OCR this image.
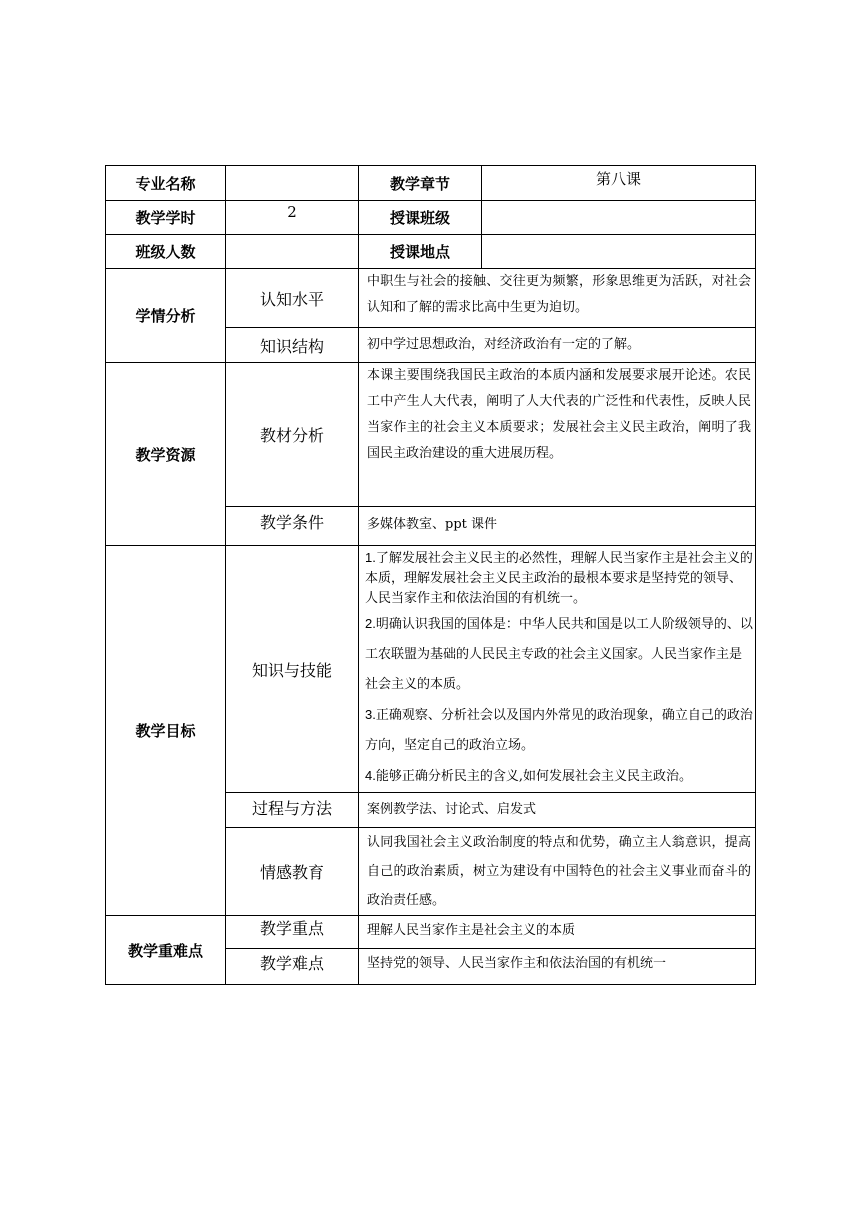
专业名称		教学章节	第八课
教学学时	2	授课班级	
班级人数		授课地点	
学情分析	认知水平	中职生与社会的接触、交往更为频繁，形象思维更为活跃，对社会认知和了解的需求比高中生更为迫切。	
	知识结构	初中学过思想政治，对经济政治有一定的了解。	
教学资源	教材分析	本课主要围绕我国民主政治的本质内涵和发展要求展开论述。农民工中产生人大代表，阐明了人大代表的广泛性和代表性，反映人民当家作主的社会主义本质要求；发展社会主义民主政治，阐明了我国民主政治建设的重大进展历程。	
	教学条件	多媒体教室、ppt 课件	
教学目标	知识与技能	1.了解发展社会主义民主的必然性，理解人民当家作主是社会主义的本质，理解发展社会主义民主政治的最根本要求是坚持党的领导、人民当家作主和依法治国的有机统一。

2.明确认识我国的国体是：中华人民共和国是以工人阶级领导的、以工农联盟为基础的人民民主专政的社会主义国家。人民当家作主是社会主义的本质。

3.正确观察、分析社会以及国内外常见的政治现象，确立自己的政治方向，坚定自己的政治立场。

4.能够正确分析民主的含义,如何发展社会主义民主政治。	

	过程与方法	案例教学法、讨论式、启发式	
	情感教育	认同我国社会主义政治制度的特点和优势，确立主人翁意识，提高自己的政治素质，树立为建设有中国特色的社会主义事业而奋斗的政治责任感。	
教学重难点	教学重点	理解人民当家作主是社会主义的本质	
	教学难点	坚持党的领导、人民当家作主和依法治国的有机统一	
